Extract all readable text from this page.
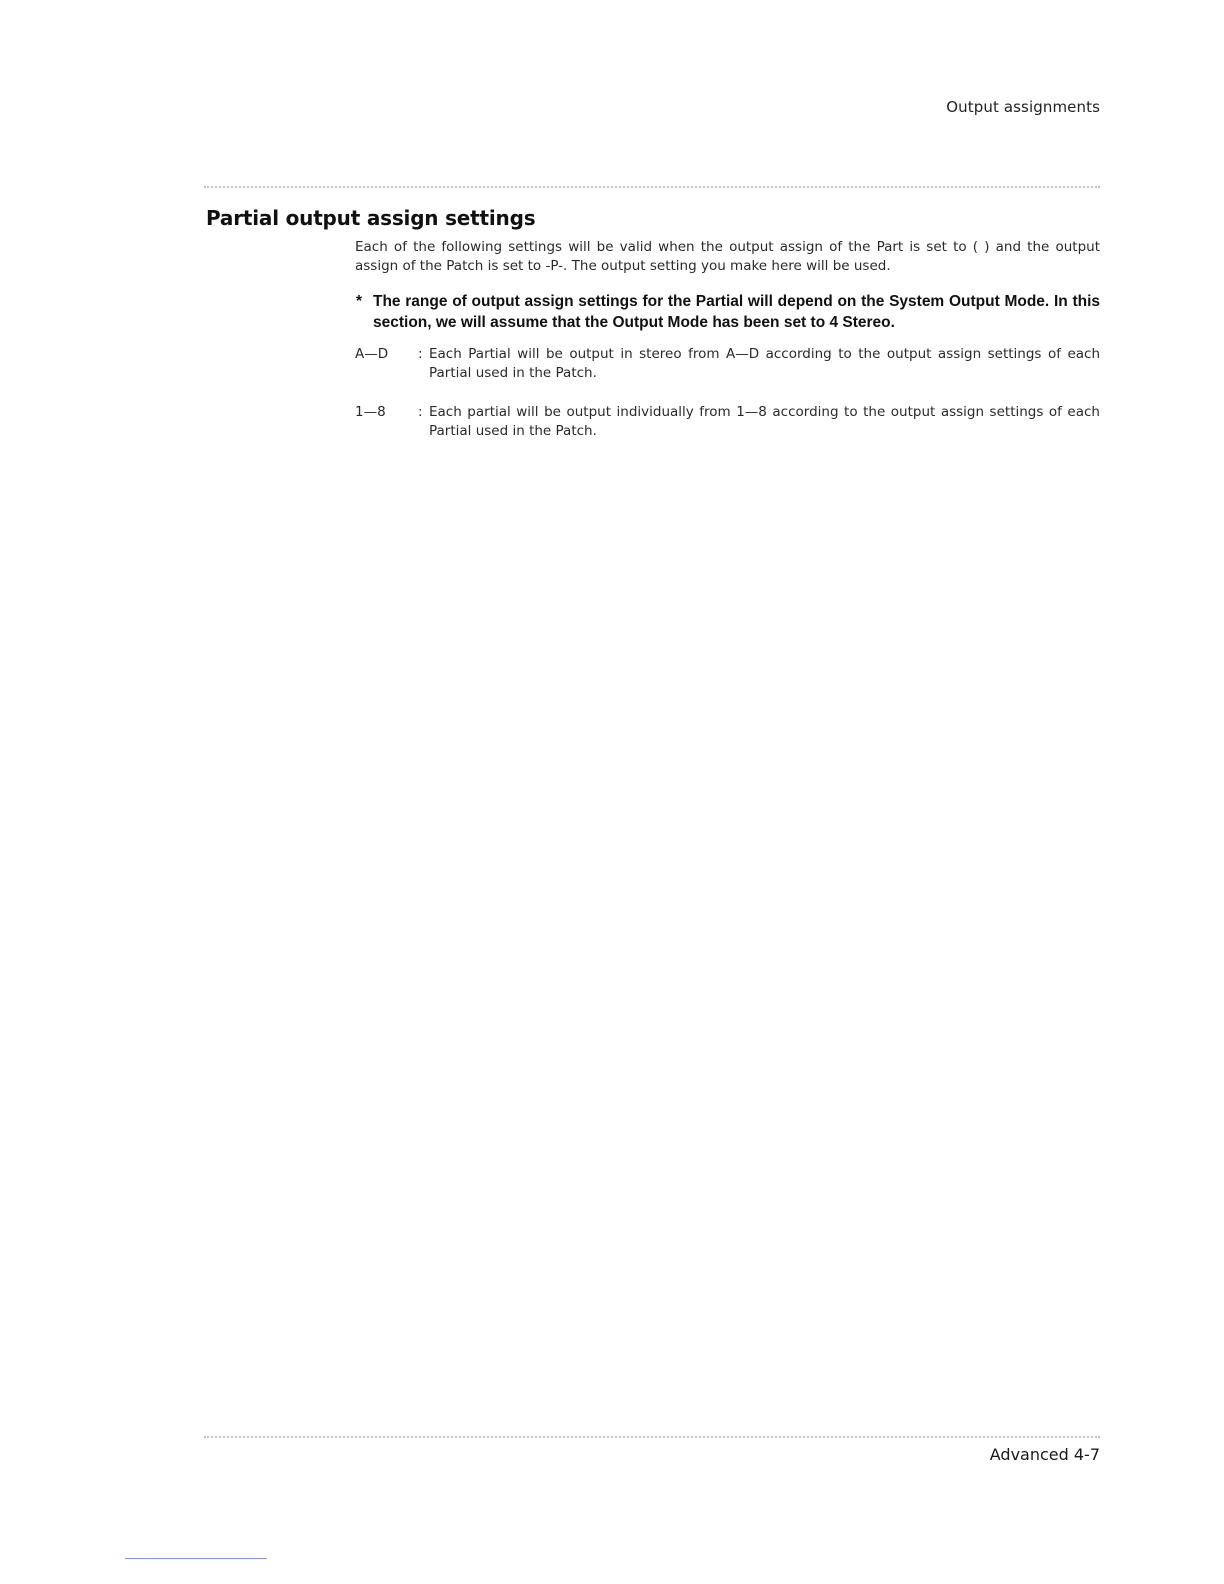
Output assignments
Partial output assign settings

Each of the following settings will be valid when the output assign of the Part is set to ( ) and the output assign of the Patch is set to -P-. The output setting you make here will be used.

* The range of output assign settings for the Partial will depend on the System Output Mode. In this section, we will assume that the Output Mode has been set to 4 Stereo.

A—D	: Each Partial will be output in stereo from A—D according to the output assign settings of each Partial used in the Patch.
1—8	: Each partial will be output individually from 1—8 according to the output assign settings of each Partial used in the Patch.
Advanced 4-7
